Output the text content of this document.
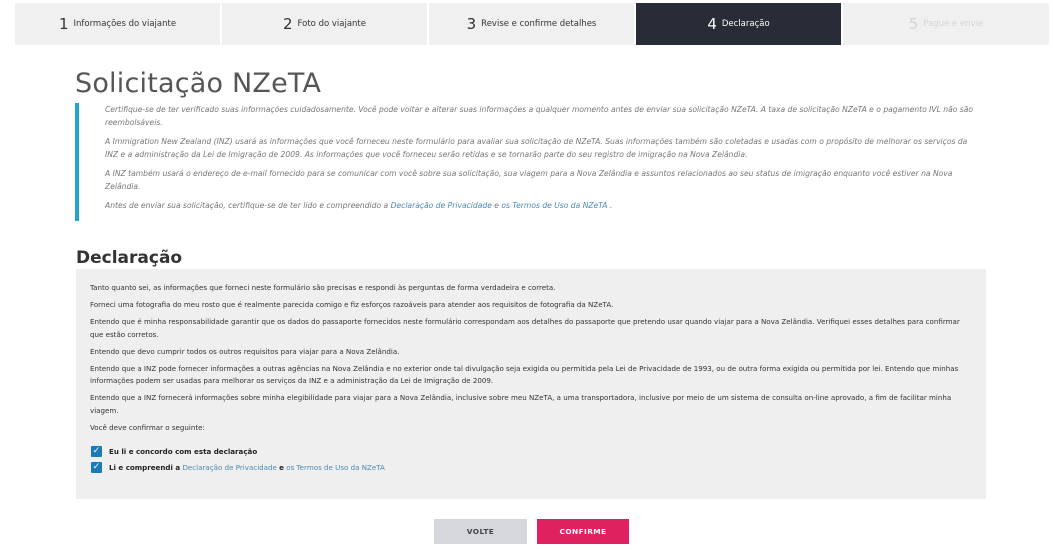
1 Informações do viajante	2 Foto do viajante	3 Revise e confirme detalhes	4 Declaração	5 Pague e envie
Solicitação NZeTA

Certifique-se de ter verificado suas informações cuidadosamente. Você pode voltar e alterar suas informações a qualquer momento antes de enviar sua solicitação NZeTA. A taxa de solicitação NZeTA e o pagamento IVL não são reembolsáveis.

A Immigration New Zealand (INZ) usará as informações que você forneceu neste formulário para avaliar sua solicitação de NZeTA. Suas informações também são coletadas e usadas com o propósito de melhorar os serviços da INZ e a administração da Lei de Imigração de 2009. As informações que você forneceu serão retidas e se tornarão parte do seu registro de imigração na Nova Zelândia.

A INZ também usará o endereço de e-mail fornecido para se comunicar com você sobre sua solicitação, sua viagem para a Nova Zelândia e assuntos relacionados ao seu status de imigração enquanto você estiver na Nova Zelândia.

Antes de enviar sua solicitação, certifique-se de ter lido e compreendido a Declaração de Privacidade e os Termos de Uso da NZeTA .

Declaração

Tanto quanto sei, as informações que forneci neste formulário são precisas e respondi às perguntas de forma verdadeira e correta.

Forneci uma fotografia do meu rosto que é realmente parecida comigo e fiz esforços razoáveis para atender aos requisitos de fotografia da NZeTA.

Entendo que é minha responsabilidade garantir que os dados do passaporte fornecidos neste formulário correspondam aos detalhes do passaporte que pretendo usar quando viajar para a Nova Zelândia. Verifiquei esses detalhes para confirmar que estão corretos.

Entendo que devo cumprir todos os outros requisitos para viajar para a Nova Zelândia.

Entendo que a INZ pode fornecer informações a outras agências na Nova Zelândia e no exterior onde tal divulgação seja exigida ou permitida pela Lei de Privacidade de 1993, ou de outra forma exigida ou permitida por lei. Entendo que minhas informações podem ser usadas para melhorar os serviços da INZ e a administração da Lei de Imigração de 2009.

Entendo que a INZ fornecerá informações sobre minha elegibilidade para viajar para a Nova Zelândia, inclusive sobre meu NZeTA, a uma transportadora, inclusive por meio de um sistema de consulta on-line aprovado, a fim de facilitar minha viagem.

Você deve confirmar o seguinte:

✓ Eu li e concordo com esta declaração
✓ Li e compreendi a
Declaração de Privacidade
e
os Termos de Uso da NZeTA
VOLTE	CONFIRME
